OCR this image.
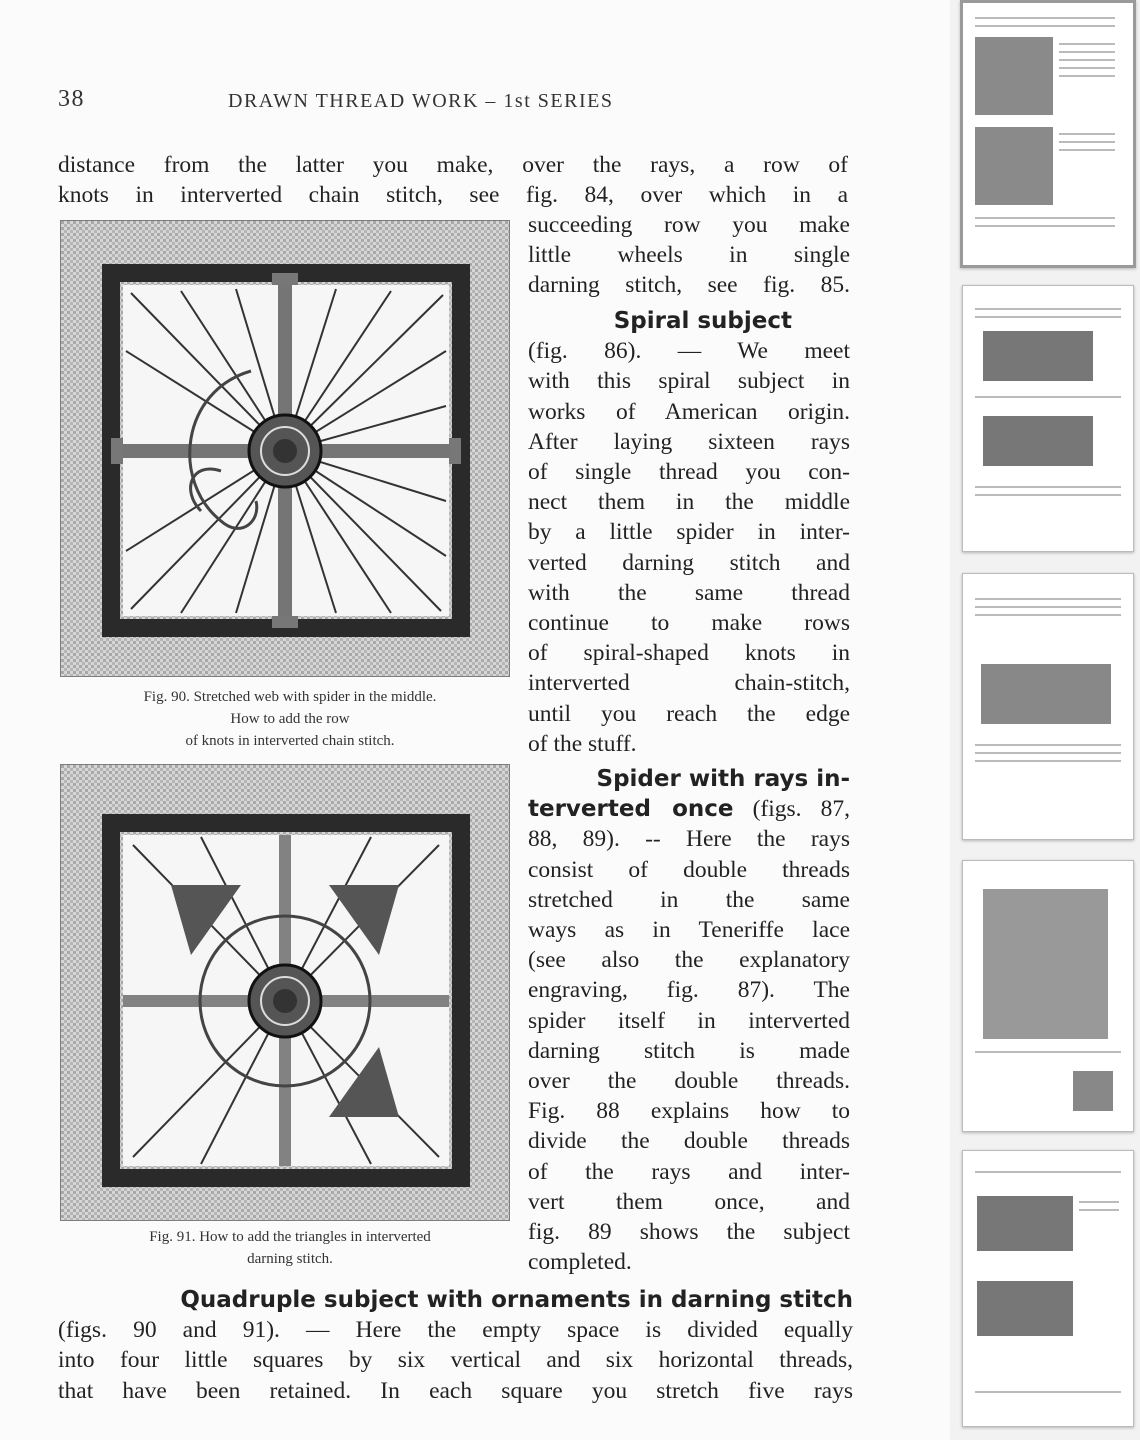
38	DRAWN THREAD WORK – 1st SERIES

distance from the latter you make, over the rays, a row of

knots in interverted chain stitch, see fig. 84, over which in a

succeeding row you make

little wheels in single

darning stitch, see fig. 85.

Spiral subject

(fig. 86). — We meet

with this spiral subject in

works of American origin.

After laying sixteen rays

of single thread you con-

nect them in the middle

by a little spider in inter-

verted darning stitch and

with the same thread

continue to make rows

of spiral-shaped knots in

interverted chain-stitch,

until you reach the edge

of the stuff.

Spider with rays in-

terverted once (figs. 87,

88, 89). -- Here the rays

consist of double threads

stretched in the same

ways as in Teneriffe lace

(see also the explanatory

engraving, fig. 87). The

spider itself in interverted

darning stitch is made

over the double threads.

Fig. 88 explains how to

divide the double threads

of the rays and inter-

vert them once, and

fig. 89 shows the subject

completed.

Fig. 90. Stretched web with spider in the middle.
How to add the row
of knots in interverted chain stitch.
Fig. 91. How to add the triangles in interverted
darning stitch.

Quadruple subject with ornaments in darning stitch

(figs. 90 and 91). — Here the empty space is divided equally

into four little squares by six vertical and six horizontal threads,

that have been retained. In each square you stretch five rays
